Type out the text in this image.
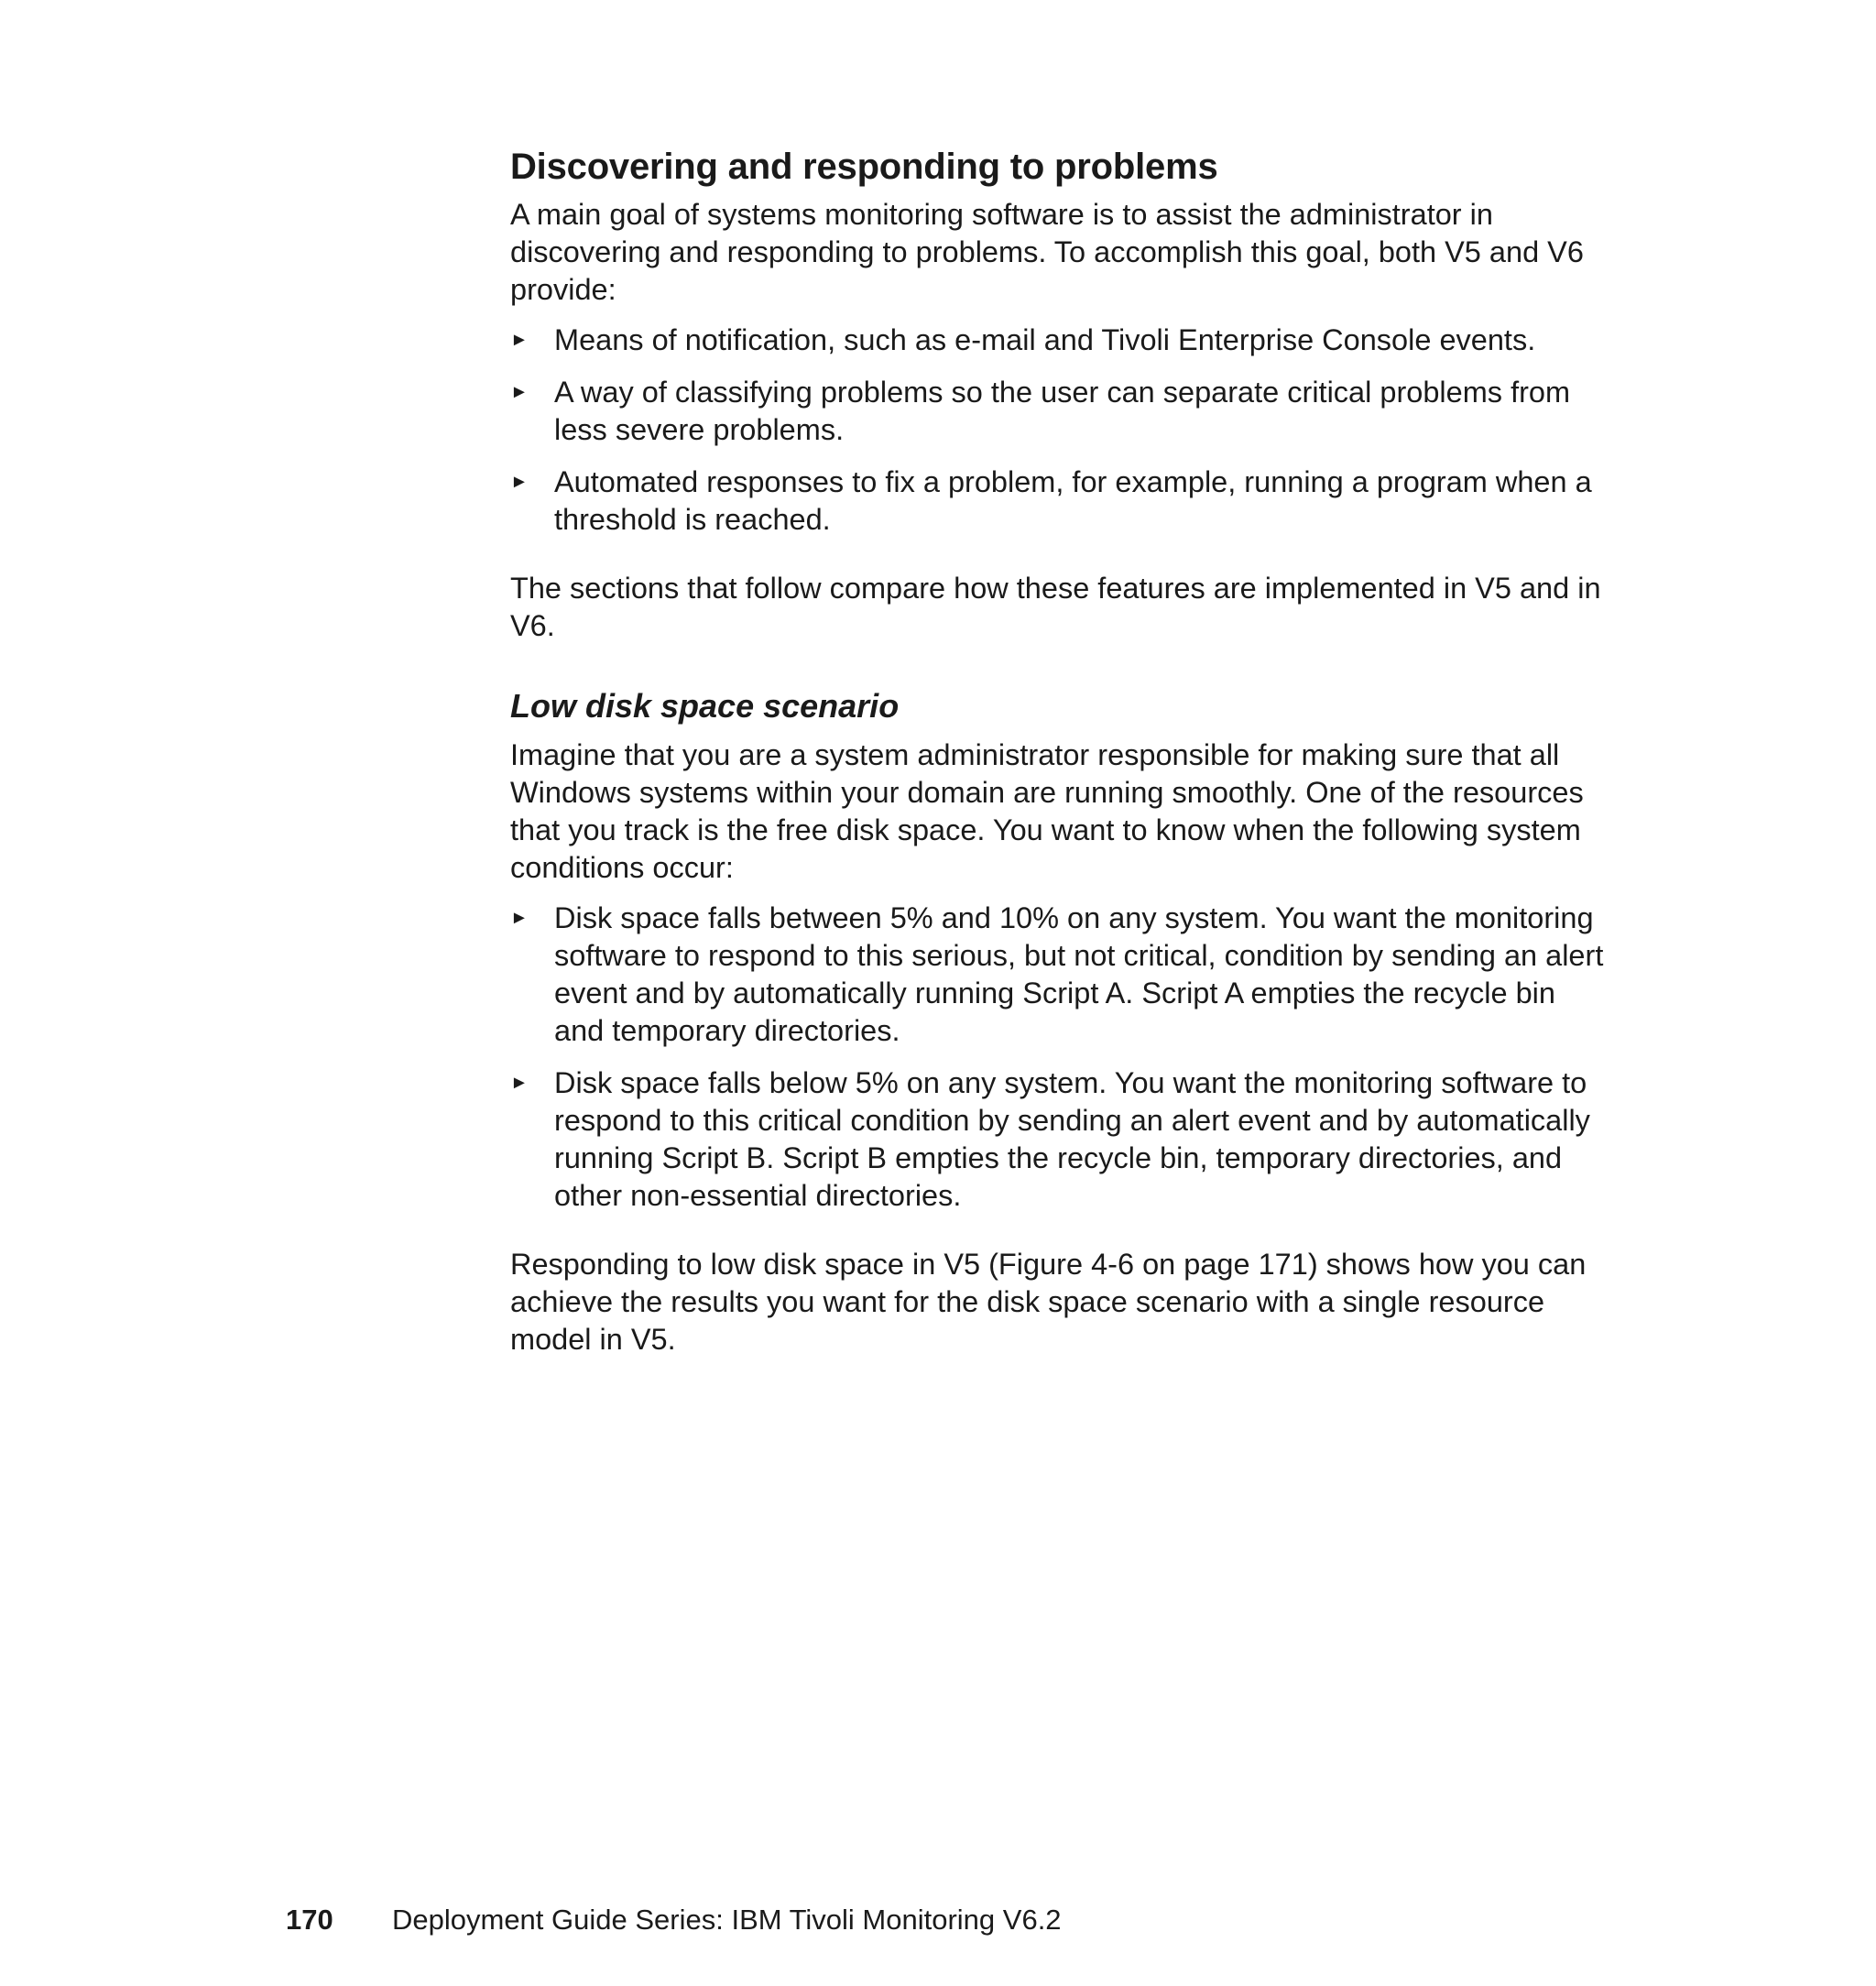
Discovering and responding to problems

A main goal of systems monitoring software is to assist the administrator in discovering and responding to problems. To accomplish this goal, both V5 and V6 provide:

► Means of notification, such as e-mail and Tivoli Enterprise Console events.
► A way of classifying problems so the user can separate critical problems from less severe problems.
► Automated responses to fix a problem, for example, running a program when a threshold is reached.

The sections that follow compare how these features are implemented in V5 and in V6.

Low disk space scenario

Imagine that you are a system administrator responsible for making sure that all Windows systems within your domain are running smoothly. One of the resources that you track is the free disk space. You want to know when the following system conditions occur:

► Disk space falls between 5% and 10% on any system. You want the monitoring software to respond to this serious, but not critical, condition by sending an alert event and by automatically running Script A. Script A empties the recycle bin and temporary directories.
► Disk space falls below 5% on any system. You want the monitoring software to respond to this critical condition by sending an alert event and by automatically running Script B. Script B empties the recycle bin, temporary directories, and other non-essential directories.

Responding to low disk space in V5 (Figure 4-6 on page 171) shows how you can achieve the results you want for the disk space scenario with a single resource model in V5.

170 Deployment Guide Series: IBM Tivoli Monitoring V6.2
